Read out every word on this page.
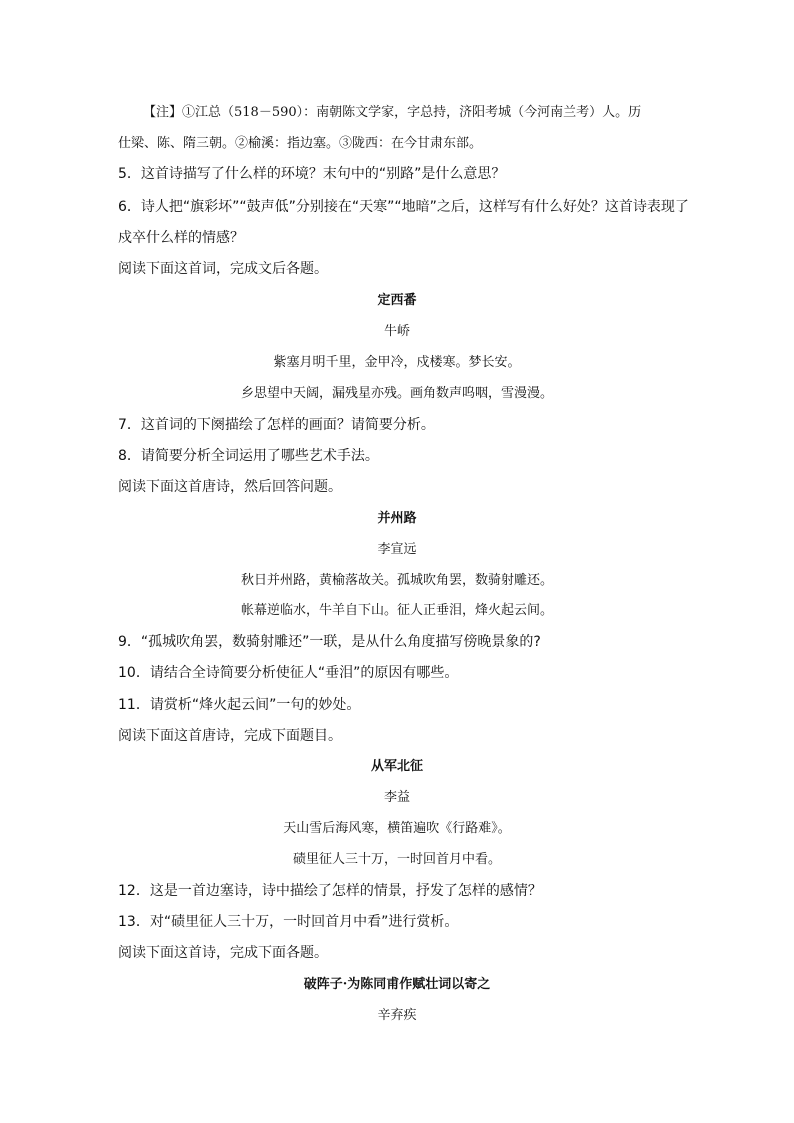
【注】①江总（518－590）：南朝陈文学家，字总持，济阳考城（今河南兰考）人。历
仕梁、陈、隋三朝。②榆溪：指边塞。③陇西：在今甘肃东部。
5．这首诗描写了什么样的环境？末句中的“别路”是什么意思？
6．诗人把“旗彩坏”“鼓声低”分别接在“天寒”“地暗”之后，这样写有什么好处？这首诗表现了
戍卒什么样的情感？
阅读下面这首词，完成文后各题。
定西番
牛峤
紫塞月明千里，金甲冷，戍楼寒。梦长安。
乡思望中天阔，漏残星亦残。画角数声呜咽，雪漫漫。
7．这首词的下阕描绘了怎样的画面？请简要分析。
8．请简要分析全词运用了哪些艺术手法。
阅读下面这首唐诗，然后回答问题。
并州路
李宣远
秋日并州路，黄榆落故关。孤城吹角罢，数骑射雕还。
帐幕逆临水，牛羊自下山。征人正垂泪，烽火起云间。
9．“孤城吹角罢，数骑射雕还”一联，是从什么角度描写傍晚景象的?
10．请结合全诗简要分析使征人“垂泪”的原因有哪些。
11．请赏析“烽火起云间”一句的妙处。
阅读下面这首唐诗，完成下面题目。
从军北征
李益
天山雪后海风寒，横笛遍吹《行路难》。
碛里征人三十万，一时回首月中看。
12．这是一首边塞诗，诗中描绘了怎样的情景，抒发了怎样的感情？
13．对“碛里征人三十万，一时回首月中看”进行赏析。
阅读下面这首诗，完成下面各题。
破阵子·为陈同甫作赋壮词以寄之
辛弃疾
